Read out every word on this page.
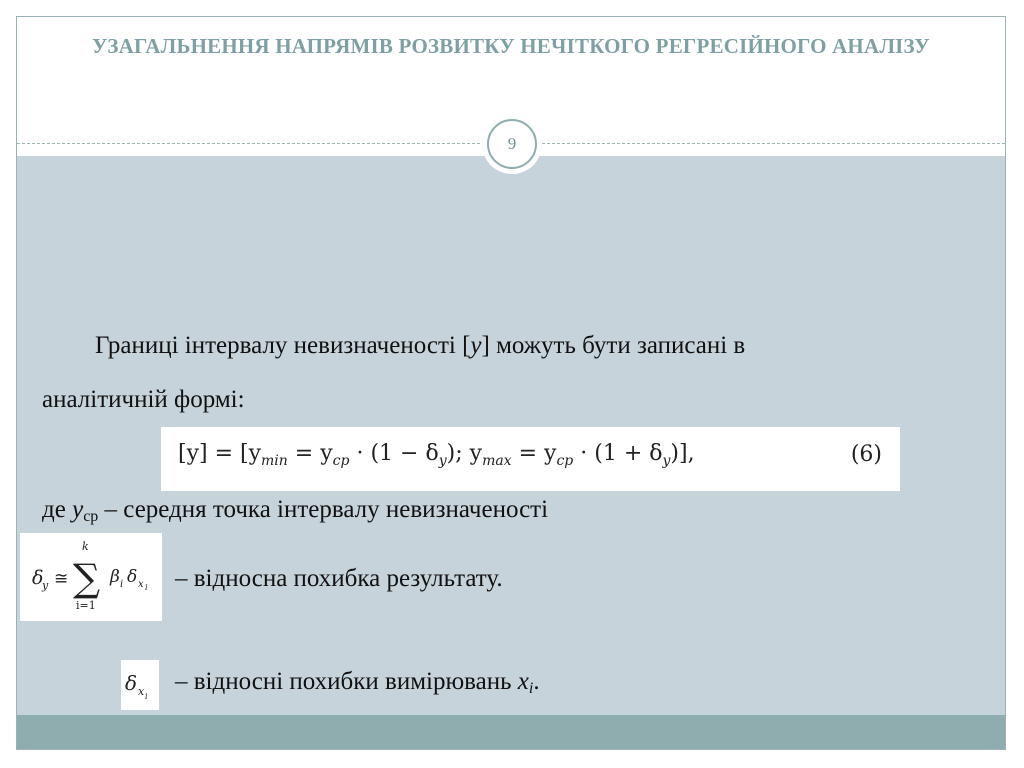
УЗАГАЛЬНЕННЯ НАПРЯМІВ РОЗВИТКУ НЕЧІТКОГО РЕГРЕСІЙНОГО АНАЛІЗУ
Границі інтервалу невизначеності [y] можуть бути записані в
аналітичній формі:
$[y] = [y_{min} = y_{cp} \cdot (1 - \delta_y)$; $y_{max} = y_{cp} \cdot (1 + \delta_y)$],	(6)
де $y_{ср}$ – середня точка інтервалу невизначеності
δ
y ≅
k
∑
i=1
β i δ x i – відносна похибка результату.
δ x i
– відносні похибки вимірювань xi.
9
